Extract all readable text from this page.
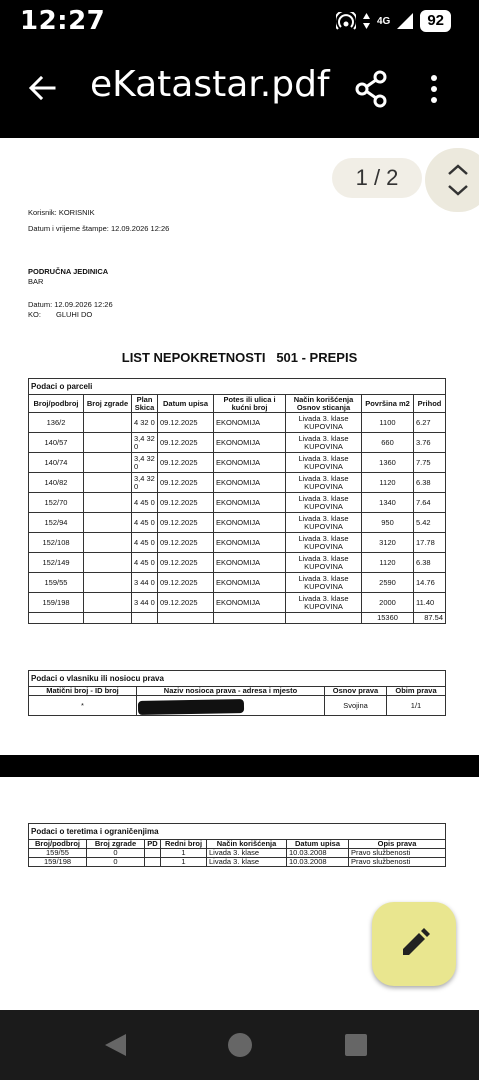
12:27	4G	92
eKatastar.pdf
Korisnik: KORISNIK
Datum i vrijeme štampe: 12.09.2026 12:26
PODRUČNA JEDINICA
BAR
Datum: 12.09.2026 12:26
KO: GLUHI DO
LIST NEPOKRETNOSTI   501 - PREPIS
Podaci o parceli							
Broj/podbroj	Broj zgrade	Plan Skica	Datum upisa	Potes ili ulica i kućni broj	Način korišćenja Osnov sticanja	Površina m2	Prihod
136/2		4 32 0	09.12.2025	EKONOMIJA	Livada 3. klase KUPOVINA	1100	6.27
140/57		3,4 32 0	09.12.2025	EKONOMIJA	Livada 3. klase KUPOVINA	660	3.76
140/74		3,4 32 0	09.12.2025	EKONOMIJA	Livada 3. klase KUPOVINA	1360	7.75
140/82		3,4 32 0	09.12.2025	EKONOMIJA	Livada 3. klase KUPOVINA	1120	6.38
152/70		4 45 0	09.12.2025	EKONOMIJA	Livada 3. klase KUPOVINA	1340	7.64
152/94		4 45 0	09.12.2025	EKONOMIJA	Livada 3. klase KUPOVINA	950	5.42
152/108		4 45 0	09.12.2025	EKONOMIJA	Livada 3. klase KUPOVINA	3120	17.78
152/149		4 45 0	09.12.2025	EKONOMIJA	Livada 3. klase KUPOVINA	1120	6.38
159/55		3 44 0	09.12.2025	EKONOMIJA	Livada 3. klase KUPOVINA	2590	14.76
159/198		3 44 0	09.12.2025	EKONOMIJA	Livada 3. klase KUPOVINA	2000	11.40
						15360	87.54
Podaci o vlasniku ili nosiocu prava			
Matični broj - ID broj	Naziv nosioca prava - adresa i mjesto	Osnov prava	Obim prava
*		Svojina	1/1
1 / 2
Podaci o teretima i ograničenjima						
Broj/podbroj	Broj zgrade	PD	Redni broj	Način korišćenja	Datum upisa	Opis prava
159/55	0		1	Livada 3. klase	10.03.2008	Pravo službenosti
159/198	0		1	Livada 3. klase	10.03.2008	Pravo službenosti
